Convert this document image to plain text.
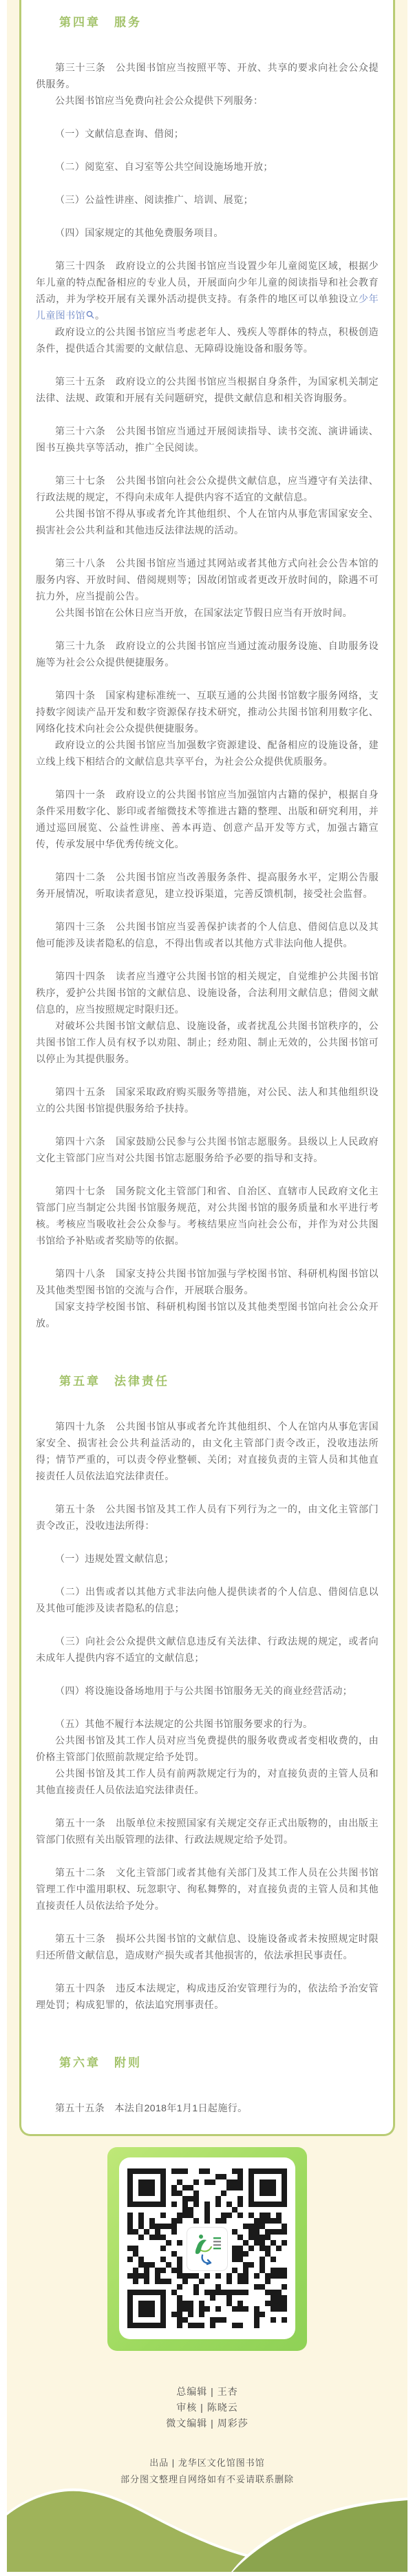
第四章　服务

第三十三条　公共图书馆应当按照平等、开放、共享的要求向社会公众提供服务。

公共图书馆应当免费向社会公众提供下列服务：

（一）文献信息查询、借阅；

（二）阅览室、自习室等公共空间设施场地开放；

（三）公益性讲座、阅读推广、培训、展览；

（四）国家规定的其他免费服务项目。

第三十四条　政府设立的公共图书馆应当设置少年儿童阅览区域，根据少年儿童的特点配备相应的专业人员，开展面向少年儿童的阅读指导和社会教育活动，并为学校开展有关课外活动提供支持。有条件的地区可以单独设立少年儿童图书馆 。

政府设立的公共图书馆应当考虑老年人、残疾人等群体的特点，积极创造条件，提供适合其需要的文献信息、无障碍设施设备和服务等。

第三十五条　政府设立的公共图书馆应当根据自身条件，为国家机关制定法律、法规、政策和开展有关问题研究，提供文献信息和相关咨询服务。

第三十六条　公共图书馆应当通过开展阅读指导、读书交流、演讲诵读、图书互换共享等活动，推广全民阅读。

第三十七条　公共图书馆向社会公众提供文献信息，应当遵守有关法律、行政法规的规定，不得向未成年人提供内容不适宜的文献信息。

公共图书馆不得从事或者允许其他组织、个人在馆内从事危害国家安全、损害社会公共利益和其他违反法律法规的活动。

第三十八条　公共图书馆应当通过其网站或者其他方式向社会公告本馆的服务内容、开放时间、借阅规则等；因故闭馆或者更改开放时间的，除遇不可抗力外，应当提前公告。

公共图书馆在公休日应当开放，在国家法定节假日应当有开放时间。

第三十九条　政府设立的公共图书馆应当通过流动服务设施、自助服务设施等为社会公众提供便捷服务。

第四十条　国家构建标准统一、互联互通的公共图书馆数字服务网络，支持数字阅读产品开发和数字资源保存技术研究，推动公共图书馆利用数字化、网络化技术向社会公众提供便捷服务。

政府设立的公共图书馆应当加强数字资源建设、配备相应的设施设备，建立线上线下相结合的文献信息共享平台，为社会公众提供优质服务。

第四十一条　政府设立的公共图书馆应当加强馆内古籍的保护，根据自身条件采用数字化、影印或者缩微技术等推进古籍的整理、出版和研究利用，并通过巡回展览、公益性讲座、善本再造、创意产品开发等方式，加强古籍宣传，传承发展中华优秀传统文化。

第四十二条　公共图书馆应当改善服务条件、提高服务水平，定期公告服务开展情况，听取读者意见，建立投诉渠道，完善反馈机制，接受社会监督。

第四十三条　公共图书馆应当妥善保护读者的个人信息、借阅信息以及其他可能涉及读者隐私的信息，不得出售或者以其他方式非法向他人提供。

第四十四条　读者应当遵守公共图书馆的相关规定，自觉维护公共图书馆秩序，爱护公共图书馆的文献信息、设施设备，合法利用文献信息；借阅文献信息的，应当按照规定时限归还。

对破坏公共图书馆文献信息、设施设备，或者扰乱公共图书馆秩序的，公共图书馆工作人员有权予以劝阻、制止；经劝阻、制止无效的，公共图书馆可以停止为其提供服务。

第四十五条　国家采取政府购买服务等措施，对公民、法人和其他组织设立的公共图书馆提供服务给予扶持。

第四十六条　国家鼓励公民参与公共图书馆志愿服务。县级以上人民政府文化主管部门应当对公共图书馆志愿服务给予必要的指导和支持。

第四十七条　国务院文化主管部门和省、自治区、直辖市人民政府文化主管部门应当制定公共图书馆服务规范，对公共图书馆的服务质量和水平进行考核。考核应当吸收社会公众参与。考核结果应当向社会公布，并作为对公共图书馆给予补贴或者奖励等的依据。

第四十八条　国家支持公共图书馆加强与学校图书馆、科研机构图书馆以及其他类型图书馆的交流与合作，开展联合服务。

国家支持学校图书馆、科研机构图书馆以及其他类型图书馆向社会公众开放。

第五章　法律责任

第四十九条　公共图书馆从事或者允许其他组织、个人在馆内从事危害国家安全、损害社会公共利益活动的，由文化主管部门责令改正，没收违法所得；情节严重的，可以责令停业整顿、关闭；对直接负责的主管人员和其他直接责任人员依法追究法律责任。

第五十条　公共图书馆及其工作人员有下列行为之一的，由文化主管部门责令改正，没收违法所得：

（一）违规处置文献信息；

（二）出售或者以其他方式非法向他人提供读者的个人信息、借阅信息以及其他可能涉及读者隐私的信息；

（三）向社会公众提供文献信息违反有关法律、行政法规的规定，或者向未成年人提供内容不适宜的文献信息；

（四）将设施设备场地用于与公共图书馆服务无关的商业经营活动；

（五）其他不履行本法规定的公共图书馆服务要求的行为。

公共图书馆及其工作人员对应当免费提供的服务收费或者变相收费的，由价格主管部门依照前款规定给予处罚。

公共图书馆及其工作人员有前两款规定行为的，对直接负责的主管人员和其他直接责任人员依法追究法律责任。

第五十一条　出版单位未按照国家有关规定交存正式出版物的，由出版主管部门依照有关出版管理的法律、行政法规规定给予处罚。

第五十二条　文化主管部门或者其他有关部门及其工作人员在公共图书馆管理工作中滥用职权、玩忽职守、徇私舞弊的，对直接负责的主管人员和其他直接责任人员依法给予处分。

第五十三条　损坏公共图书馆的文献信息、设施设备或者未按照规定时限归还所借文献信息，造成财产损失或者其他损害的，依法承担民事责任。

第五十四条　违反本法规定，构成违反治安管理行为的，依法给予治安管理处罚；构成犯罪的，依法追究刑事责任。

第六章　附则

第五十五条　本法自2018年1月1日起施行。

总编辑 | 王杏
审核 | 陈晓云
微文编辑 | 周彩莎
出品 | 龙华区文化馆图书馆
部分图文整理自网络如有不妥请联系删除
